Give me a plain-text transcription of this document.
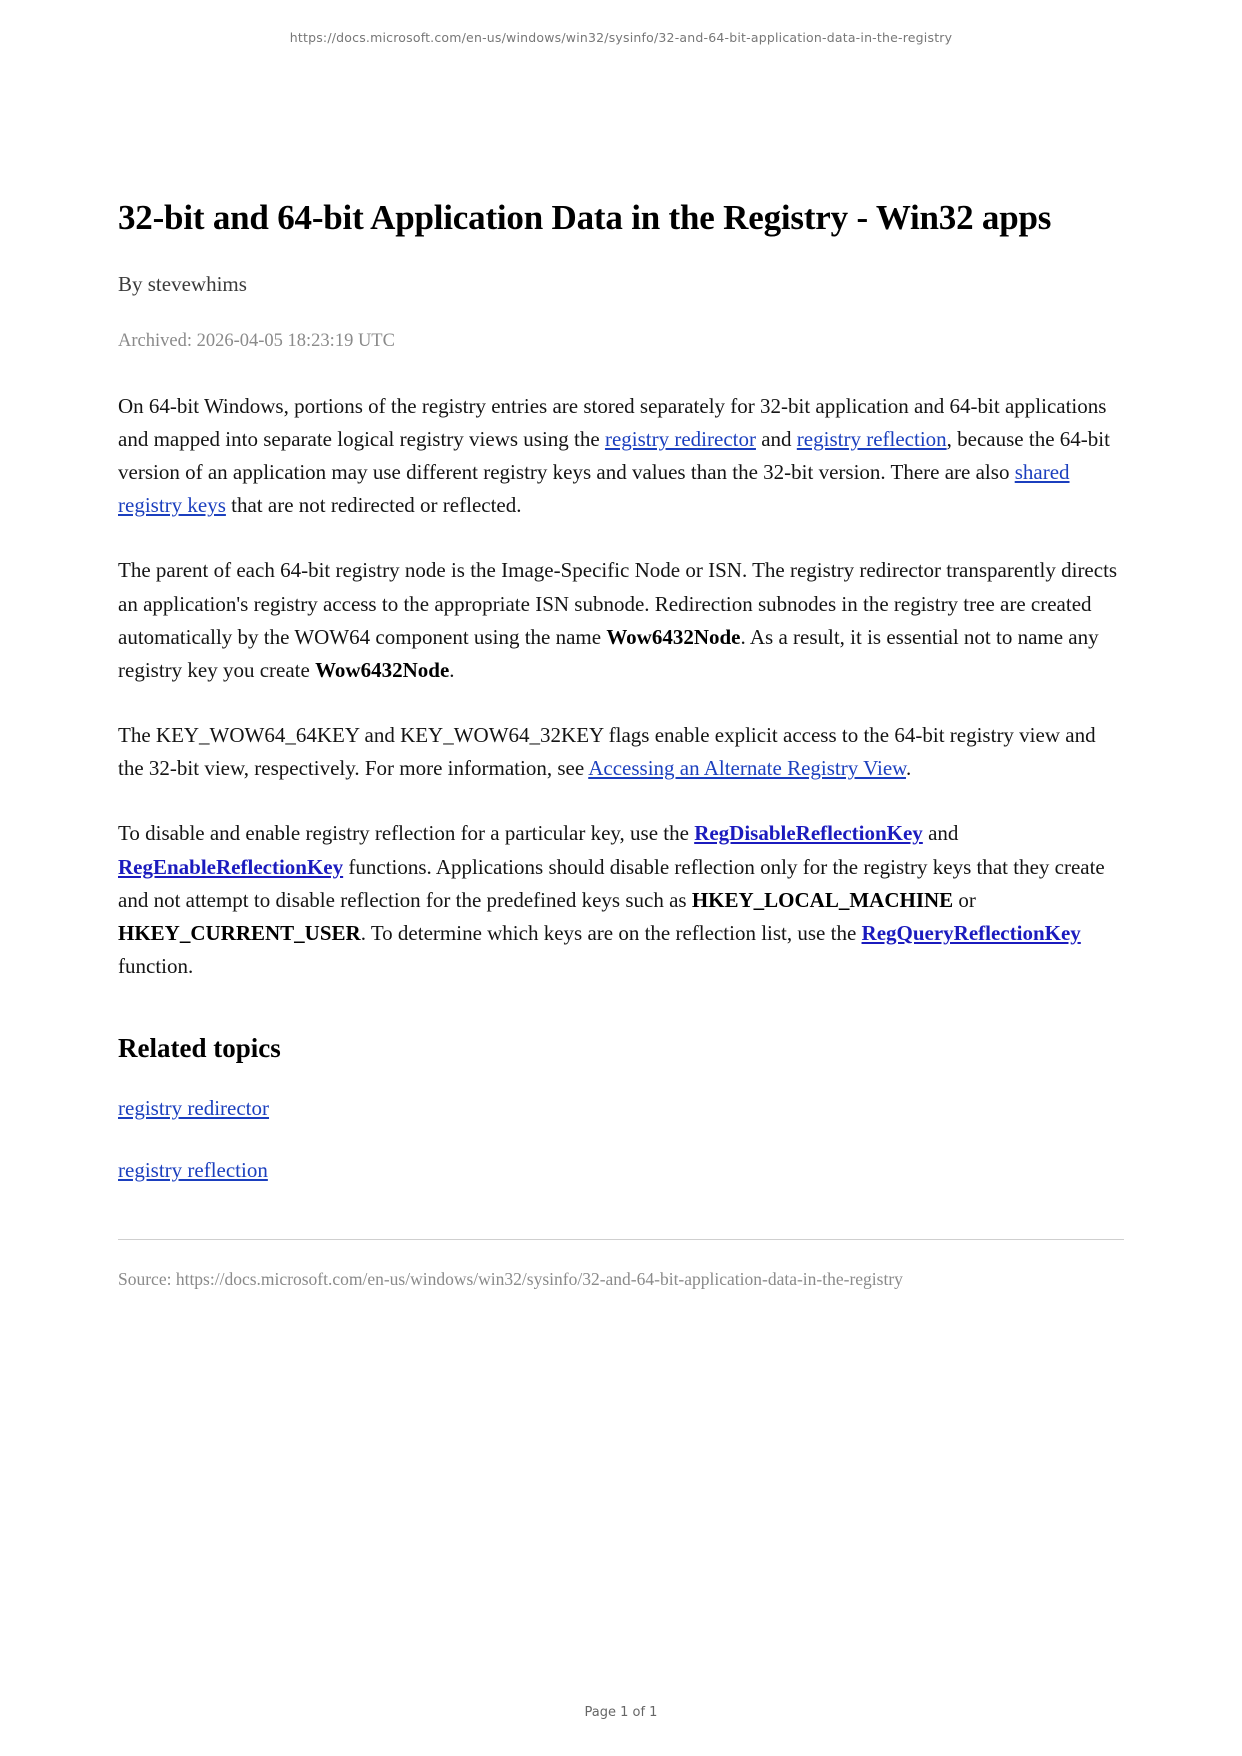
https://docs.microsoft.com/en-us/windows/win32/sysinfo/32-and-64-bit-application-data-in-the-registry
32-bit and 64-bit Application Data in the Registry - Win32 apps

By stevewhims

Archived: 2026-04-05 18:23:19 UTC

On 64-bit Windows, portions of the registry entries are stored separately for 32-bit application and 64-bit applications and mapped into separate logical registry views using the registry redirector and registry reflection, because the 64-bit version of an application may use different registry keys and values than the 32-bit version. There are also shared registry keys that are not redirected or reflected.

The parent of each 64-bit registry node is the Image-Specific Node or ISN. The registry redirector transparently directs an application's registry access to the appropriate ISN subnode. Redirection subnodes in the registry tree are created automatically by the WOW64 component using the name Wow6432Node. As a result, it is essential not to name any registry key you create Wow6432Node.

The KEY_WOW64_64KEY and KEY_WOW64_32KEY flags enable explicit access to the 64-bit registry view and the 32-bit view, respectively. For more information, see Accessing an Alternate Registry View.

To disable and enable registry reflection for a particular key, use the RegDisableReflectionKey and RegEnableReflectionKey functions. Applications should disable reflection only for the registry keys that they create and not attempt to disable reflection for the predefined keys such as HKEY_LOCAL_MACHINE or HKEY_CURRENT_USER. To determine which keys are on the reflection list, use the RegQueryReflectionKey function.

Related topics

registry redirector

registry reflection

Source: https://docs.microsoft.com/en-us/windows/win32/sysinfo/32-and-64-bit-application-data-in-the-registry
Page 1 of 1
